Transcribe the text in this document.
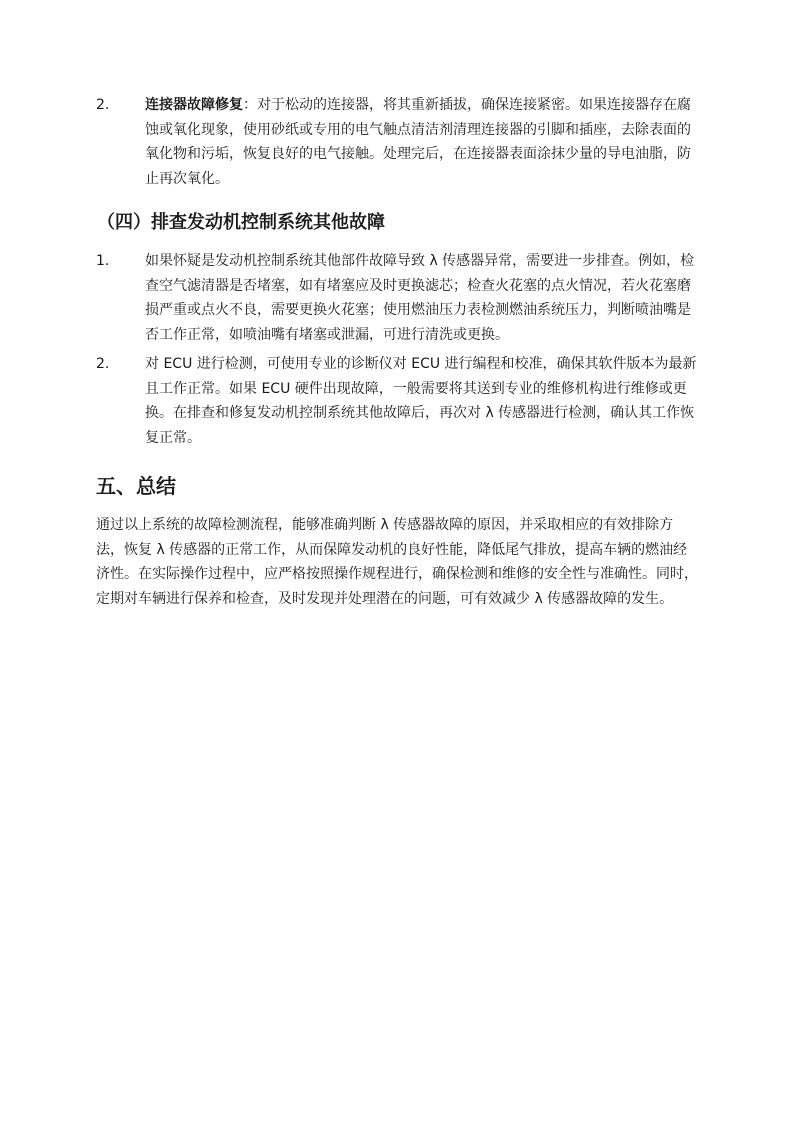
2.	连接器故障修复：对于松动的连接器，将其重新插拔，确保连接紧密。如果连接器存在腐蚀或氧化现象，使用砂纸或专用的电气触点清洁剂清理连接器的引脚和插座，去除表面的氧化物和污垢，恢复良好的电气接触。处理完后，在连接器表面涂抹少量的导电油脂，防止再次氧化。
（四）排查发动机控制系统其他故障
1.	如果怀疑是发动机控制系统其他部件故障导致 λ 传感器异常，需要进一步排查。例如，检查空气滤清器是否堵塞，如有堵塞应及时更换滤芯；检查火花塞的点火情况，若火花塞磨损严重或点火不良，需要更换火花塞；使用燃油压力表检测燃油系统压力，判断喷油嘴是否工作正常，如喷油嘴有堵塞或泄漏，可进行清洗或更换。
2.	对 ECU 进行检测，可使用专业的诊断仪对 ECU 进行编程和校准，确保其软件版本为最新且工作正常。如果 ECU 硬件出现故障，一般需要将其送到专业的维修机构进行维修或更换。在排查和修复发动机控制系统其他故障后，再次对 λ 传感器进行检测，确认其工作恢复正常。
五、总结
通过以上系统的故障检测流程，能够准确判断 λ 传感器故障的原因，并采取相应的有效排除方法，恢复 λ 传感器的正常工作，从而保障发动机的良好性能，降低尾气排放，提高车辆的燃油经济性。在实际操作过程中，应严格按照操作规程进行，确保检测和维修的安全性与准确性。同时，定期对车辆进行保养和检查，及时发现并处理潜在的问题，可有效减少 λ 传感器故障的发生。
